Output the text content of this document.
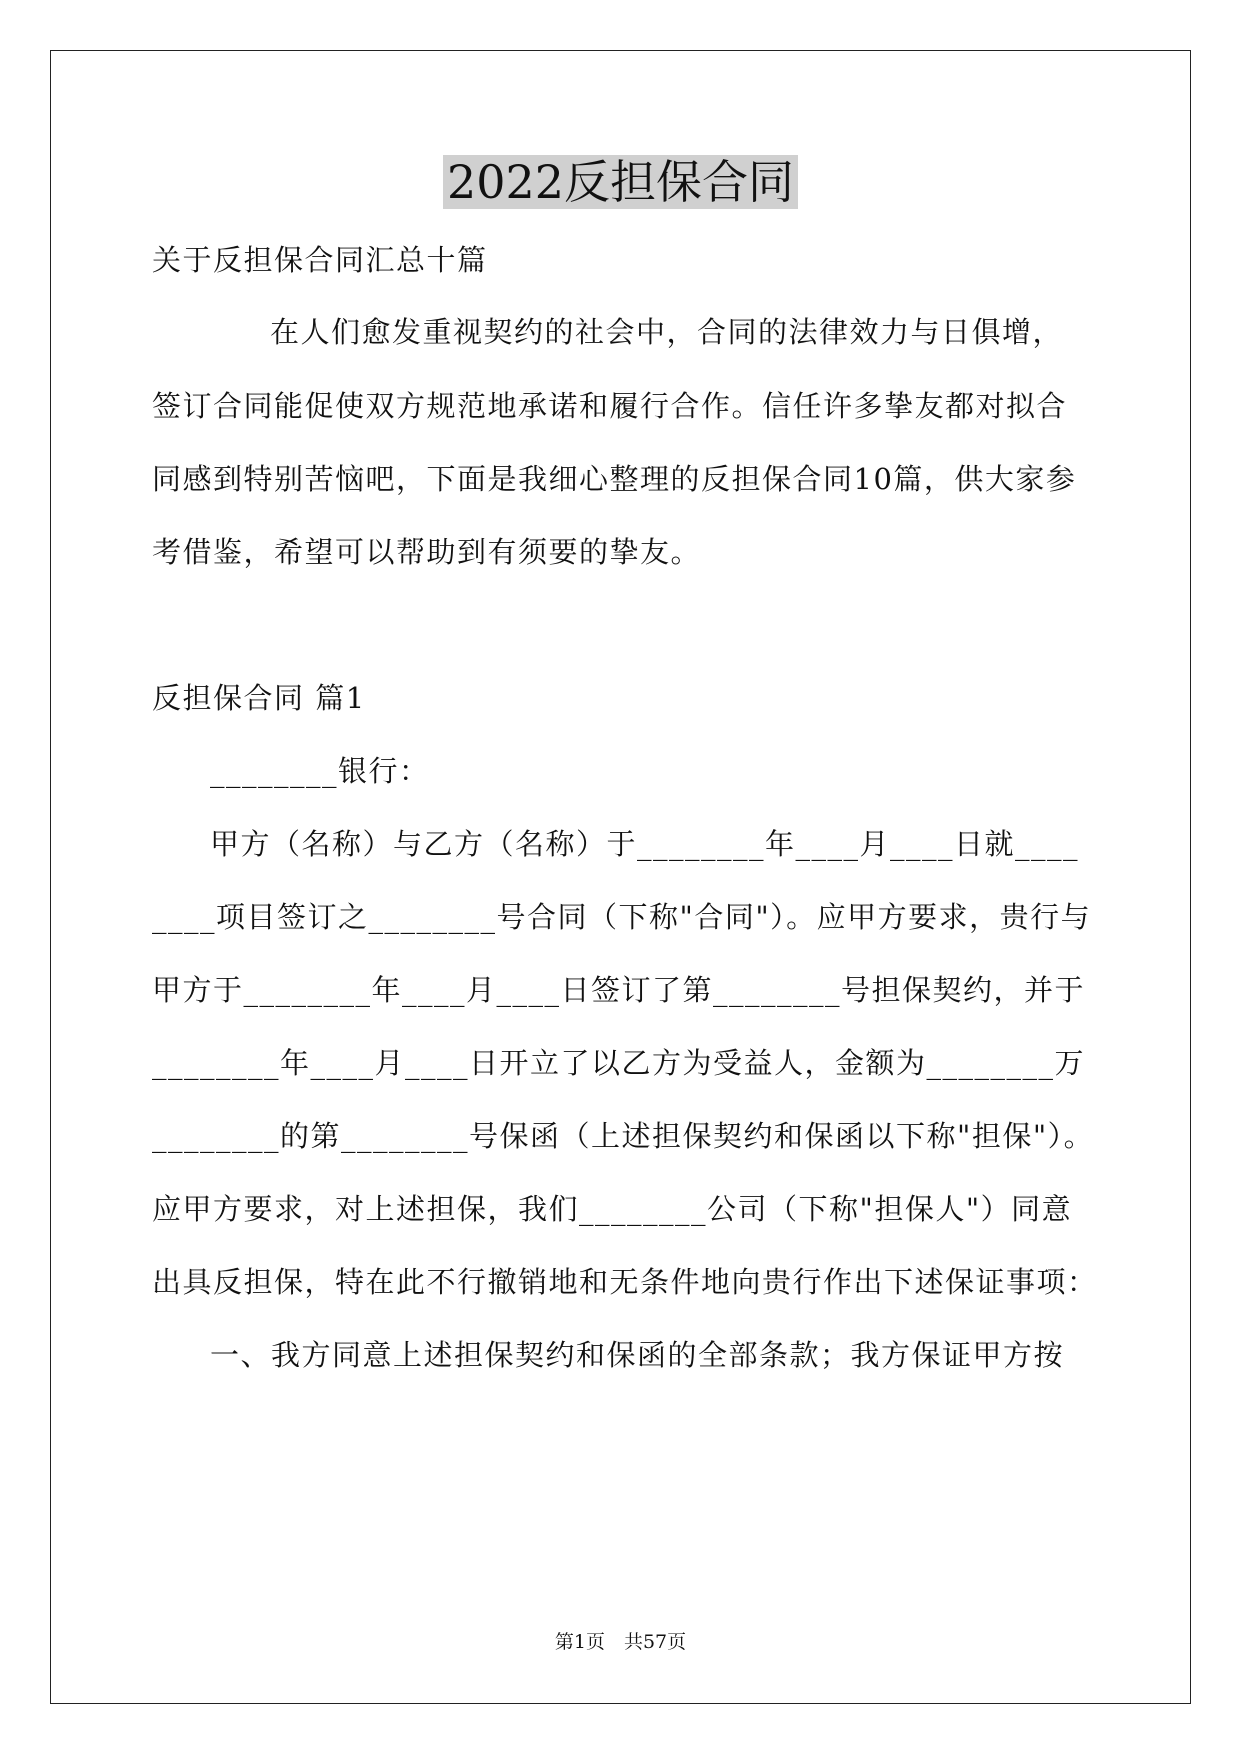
2022反担保合同
关于反担保合同汇总十篇
在人们愈发重视契约的社会中，合同的法律效力与日俱增，
签订合同能促使双方规范地承诺和履行合作。信任许多挚友都对拟合
同感到特别苦恼吧，下面是我细心整理的反担保合同10篇，供大家参
考借鉴，希望可以帮助到有须要的挚友。
反担保合同 篇1
________银行：
甲方（名称）与乙方（名称）于________年____月____日就____
____项目签订之________号合同（下称"合同"）。应甲方要求，贵行与
甲方于________年____月____日签订了第________号担保契约，并于
________年____月____日开立了以乙方为受益人，金额为________万
________的第________号保函（上述担保契约和保函以下称"担保"）。
应甲方要求，对上述担保，我们________公司（下称"担保人"）同意
出具反担保，特在此不行撤销地和无条件地向贵行作出下述保证事项：
一、我方同意上述担保契约和保函的全部条款；我方保证甲方按
第1页　共57页
